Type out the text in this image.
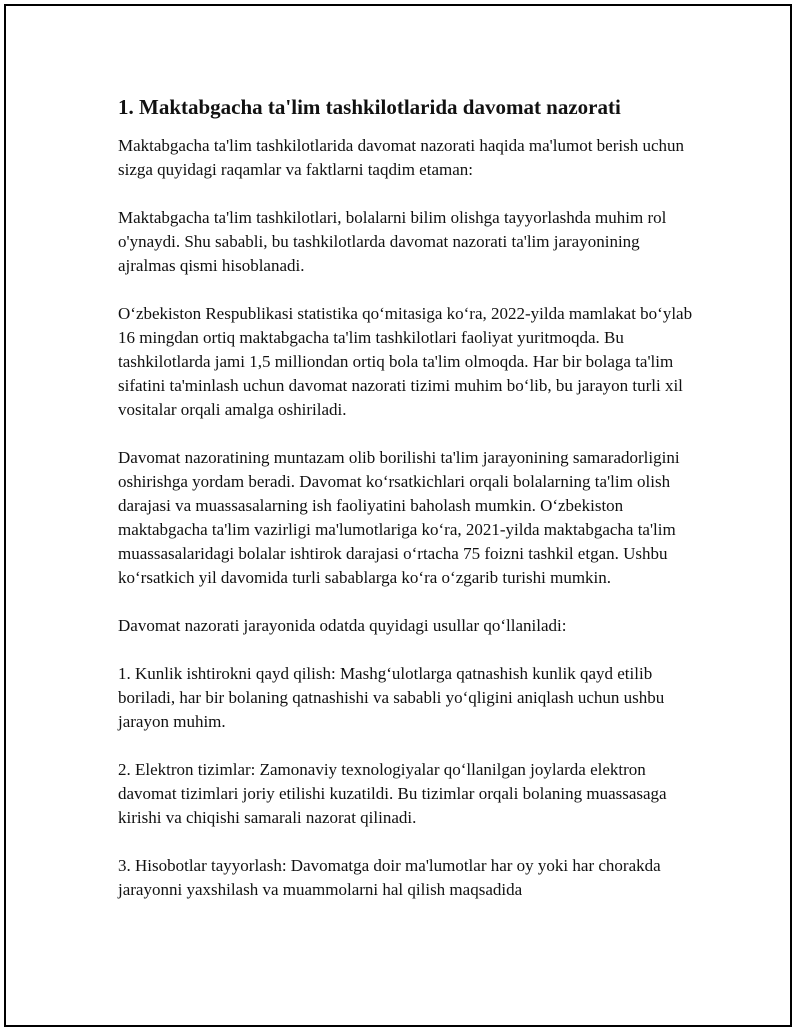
1. Maktabgacha ta'lim tashkilotlarida davomat nazorati

Maktabgacha ta'lim tashkilotlarida davomat nazorati haqida ma'lumot berish uchun sizga quyidagi raqamlar va faktlarni taqdim etaman:

Maktabgacha ta'lim tashkilotlari, bolalarni bilim olishga tayyorlashda muhim rol o'ynaydi. Shu sababli, bu tashkilotlarda davomat nazorati ta'lim jarayonining ajralmas qismi hisoblanadi.

O‘zbekiston Respublikasi statistika qo‘mitasiga ko‘ra, 2022-yilda mamlakat bo‘ylab 16 mingdan ortiq maktabgacha ta'lim tashkilotlari faoliyat yuritmoqda. Bu tashkilotlarda jami 1,5 milliondan ortiq bola ta'lim olmoqda. Har bir bolaga ta'lim sifatini ta'minlash uchun davomat nazorati tizimi muhim bo‘lib, bu jarayon turli xil vositalar orqali amalga oshiriladi.

Davomat nazoratining muntazam olib borilishi ta'lim jarayonining samaradorligini oshirishga yordam beradi. Davomat ko‘rsatkichlari orqali bolalarning ta'lim olish darajasi va muassasalarning ish faoliyatini baholash mumkin. O‘zbekiston maktabgacha ta'lim vazirligi ma'lumotlariga ko‘ra, 2021-yilda maktabgacha ta'lim muassasalaridagi bolalar ishtirok darajasi o‘rtacha 75 foizni tashkil etgan. Ushbu ko‘rsatkich yil davomida turli sabablarga ko‘ra o‘zgarib turishi mumkin.

Davomat nazorati jarayonida odatda quyidagi usullar qo‘llaniladi:

1. Kunlik ishtirokni qayd qilish: Mashg‘ulotlarga qatnashish kunlik qayd etilib boriladi, har bir bolaning qatnashishi va sababli yo‘qligini aniqlash uchun ushbu jarayon muhim.

2. Elektron tizimlar: Zamonaviy texnologiyalar qo‘llanilgan joylarda elektron davomat tizimlari joriy etilishi kuzatildi. Bu tizimlar orqali bolaning muassasaga kirishi va chiqishi samarali nazorat qilinadi.

3. Hisobotlar tayyorlash: Davomatga doir ma'lumotlar har oy yoki har chorakda jarayonni yaxshilash va muammolarni hal qilish maqsadida
